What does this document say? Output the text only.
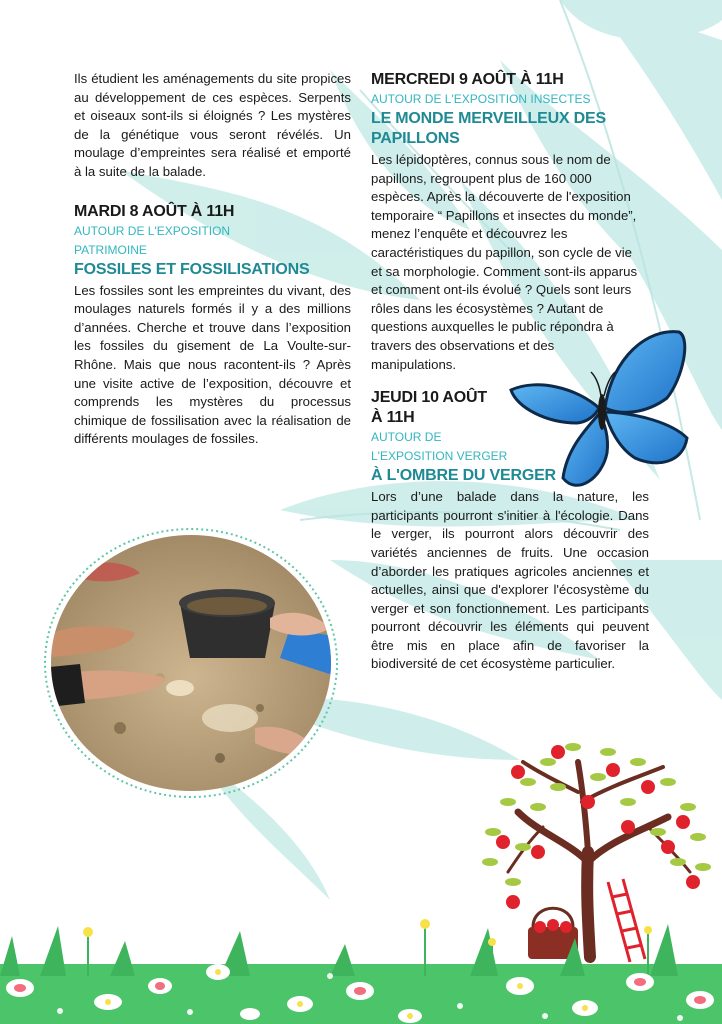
Ils étudient les aménagements du site propices au développement de ces espèces. Serpents et oiseaux sont-ils si éloignés ? Les mystères de la génétique vous seront révélés. Un moulage d’empreintes sera réalisé et emporté à la suite de la balade.

MARDI 8 AOÛT À 11H

AUTOUR DE L'EXPOSITION

PATRIMOINE

FOSSILES ET FOSSILISATIONS

Les fossiles sont les empreintes du vivant, des moulages naturels formés il y a des millions d’années. Cherche et trouve dans l’exposition les fossiles du gisement de La Voulte-sur-Rhône. Mais que nous racontent-ils ? Après une visite active de l’exposition, découvre et comprends les mystères du processus chimique de fossilisation avec la réalisation de différents moulages de fossiles.

MERCREDI 9 AOÛT À 11H

AUTOUR DE L'EXPOSITION INSECTES

LE MONDE MERVEILLEUX DES PAPILLONS

Les lépidoptères, connus sous le nom de papillons, regroupent plus de 160 000 espèces. Après la découverte de l'exposition temporaire “ Papillons et insectes du monde”, menez l’enquête et découvrez les caractéristiques du papillon, son cycle de vie et sa morphologie. Comment sont-ils apparus et comment ont-ils évolué ? Quels sont leurs rôles dans les écosystèmes ? Autant de questions auxquelles le public répondra à travers des observations et des manipulations.

JEUDI 10 AOÛT

À 11H

AUTOUR DE

L'EXPOSITION VERGER

À L'OMBRE DU VERGER

Lors d’une balade dans la nature, les participants pourront s'initier à l'écologie. Dans le verger, ils pourront alors découvrir des variétés anciennes de fruits. Une occasion d’aborder les pratiques agricoles anciennes et actuelles, ainsi que d'explorer l'écosystème du verger et son fonctionnement. Les participants pourront découvrir les éléments qui peuvent être mis en place afin de favoriser la biodiversité de cet écosystème particulier.
